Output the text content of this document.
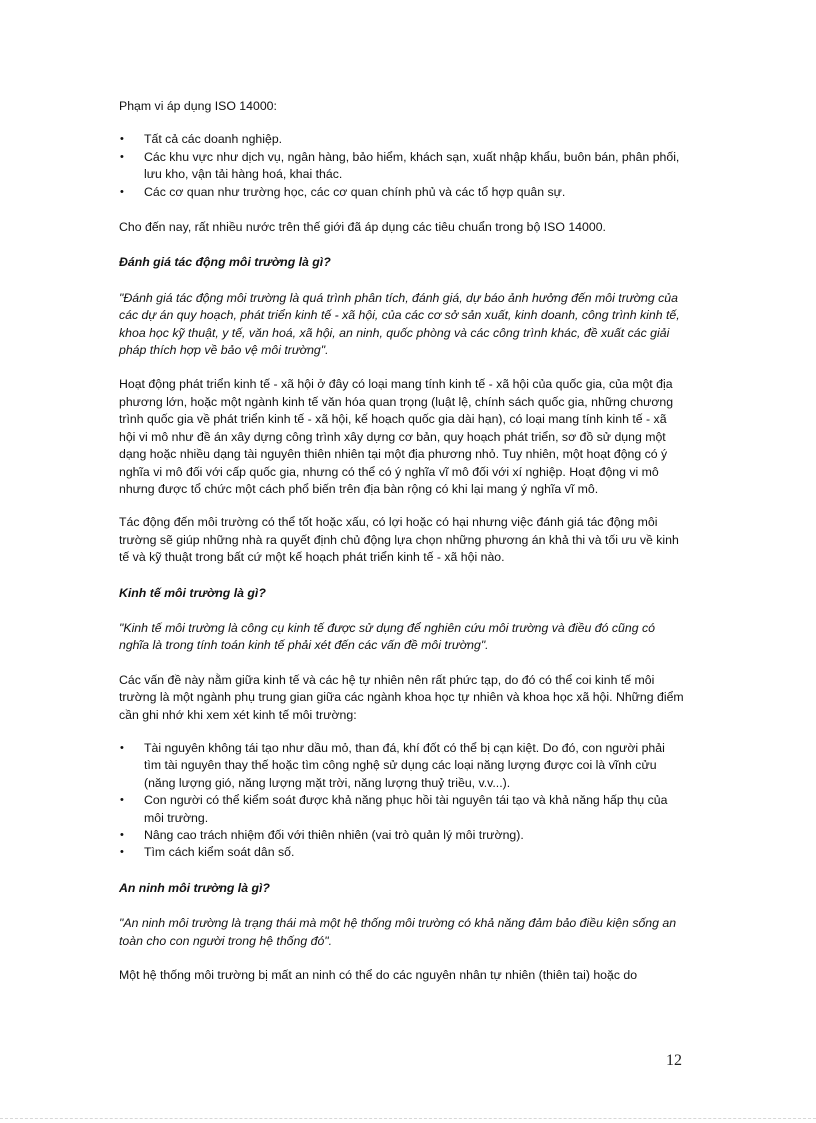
Phạm vi áp dụng ISO 14000:

• Tất cả các doanh nghiệp.
• Các khu vực như dịch vụ, ngân hàng, bảo hiểm, khách sạn, xuất nhập khẩu, buôn bán, phân phối, lưu kho, vận tải hàng hoá, khai thác.
• Các cơ quan như trường học, các cơ quan chính phủ và các tổ hợp quân sự.

Cho đến nay, rất nhiều nước trên thế giới đã áp dụng các tiêu chuẩn trong bộ ISO 14000.

Đánh giá tác động môi trường là gì?

"Đánh giá tác động môi trường là quá trình phân tích, đánh giá, dự báo ảnh hưởng đến môi trường của các dự án quy hoạch, phát triển kinh tế - xã hội, của các cơ sở sản xuất, kinh doanh, công trình kinh tế, khoa học kỹ thuật, y tế, văn hoá, xã hội, an ninh, quốc phòng và các công trình khác, đề xuất các giải pháp thích hợp về bảo vệ môi trường".

Hoạt động phát triển kinh tế - xã hội ở đây có loại mang tính kinh tế - xã hội của quốc gia, của một địa phương lớn, hoặc một ngành kinh tế văn hóa quan trọng (luật lệ, chính sách quốc gia, những chương trình quốc gia về phát triển kinh tế - xã hội, kế hoạch quốc gia dài hạn), có loại mang tính kinh tế - xã hội vi mô như đề án xây dựng công trình xây dựng cơ bản, quy hoạch phát triển, sơ đồ sử dụng một dạng hoặc nhiều dạng tài nguyên thiên nhiên tại một địa phương nhỏ. Tuy nhiên, một hoạt động có ý nghĩa vi mô đối với cấp quốc gia, nhưng có thể có ý nghĩa vĩ mô đối với xí nghiệp. Hoạt động vi mô nhưng được tổ chức một cách phổ biến trên địa bàn rộng có khi lại mang ý nghĩa vĩ mô.

Tác động đến môi trường có thể tốt hoặc xấu, có lợi hoặc có hại nhưng việc đánh giá tác động môi trường sẽ giúp những nhà ra quyết định chủ động lựa chọn những phương án khả thi và tối ưu về kinh tế và kỹ thuật trong bất cứ một kế hoạch phát triển kinh tế - xã hội nào.

Kinh tế môi trường là gì?

"Kinh tế môi trường là công cụ kinh tế được sử dụng để nghiên cứu môi trường và điều đó cũng có nghĩa là trong tính toán kinh tế phải xét đến các vấn đề môi trường".

Các vấn đề này nằm giữa kinh tế và các hệ tự nhiên nên rất phức tạp, do đó có thể coi kinh tế môi trường là một ngành phụ trung gian giữa các ngành khoa học tự nhiên và khoa học xã hội. Những điểm cần ghi nhớ khi xem xét kinh tế môi trường:

• Tài nguyên không tái tạo như dầu mỏ, than đá, khí đốt có thể bị cạn kiệt. Do đó, con người phải tìm tài nguyên thay thế hoặc tìm công nghệ sử dụng các loại năng lượng được coi là vĩnh cửu (năng lượng gió, năng lượng mặt trời, năng lượng thuỷ triều, v.v...).
• Con người có thể kiểm soát được khả năng phục hồi tài nguyên tái tạo và khả năng hấp thụ của môi trường.
• Nâng cao trách nhiệm đối với thiên nhiên (vai trò quản lý môi trường).
• Tìm cách kiểm soát dân số.

An ninh môi trường là gì?

"An ninh môi trường là trạng thái mà một hệ thống môi trường có khả năng đảm bảo điều kiện sống an toàn cho con người trong hệ thống đó".

Một hệ thống môi trường bị mất an ninh có thể do các nguyên nhân tự nhiên (thiên tai) hoặc do

12
